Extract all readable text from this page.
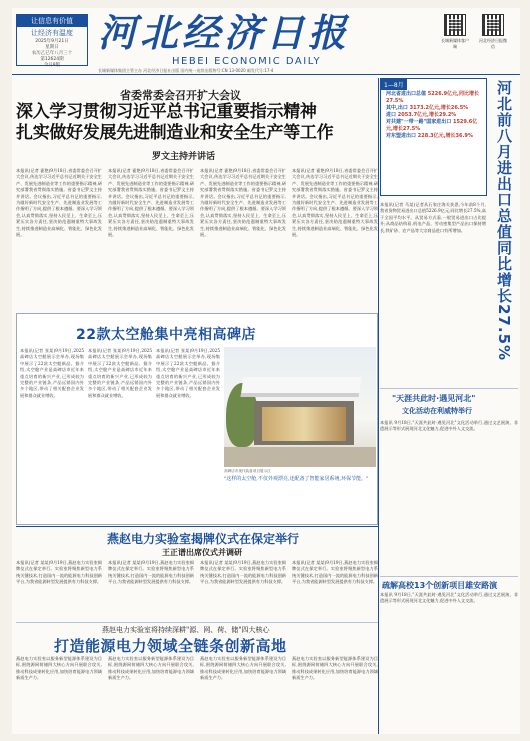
让信息有价值
让经济有温度
2025年9月21日
星期日
农历乙巳年八月三十
第12624期
今日8版
河北经济日报
HEBEI ECONOMIC DAILY
长城新媒体客户端
河北经济日报微信
长城新媒体集团主管主办 河北经济日报社出版 国内统一连续出版物号:CN 13-0020 邮发代号:17-4
省委常委会召开扩大会议
深入学习贯彻习近平总书记重要指示精神
扎实做好发展先进制造业和安全生产等工作
罗文主持并讲话
本报讯(记者 霍艳)9月18日,省委常委会召开扩大会议,传达学习习近平总书记近期关于安全生产、发展先进制造业等工作的重要指示精神,研究部署我省贯彻落实措施。省委书记罗文主持并讲话。会议指出,习近平总书记的重要指示,为做好新时代安全生产、先进制造业发展等工作指明了方向,提供了根本遵循。要深入学习领会,认真贯彻落实,坚持人民至上、生命至上,压紧压实各方责任,坚决防范遏制重特大事故发生,持续推进制造业高端化、智能化、绿色化发展。
本报讯(记者 霍艳)9月18日,省委常委会召开扩大会议,传达学习习近平总书记近期关于安全生产、发展先进制造业等工作的重要指示精神,研究部署我省贯彻落实措施。省委书记罗文主持并讲话。会议指出,习近平总书记的重要指示,为做好新时代安全生产、先进制造业发展等工作指明了方向,提供了根本遵循。要深入学习领会,认真贯彻落实,坚持人民至上、生命至上,压紧压实各方责任,坚决防范遏制重特大事故发生,持续推进制造业高端化、智能化、绿色化发展。
本报讯(记者 霍艳)9月18日,省委常委会召开扩大会议,传达学习习近平总书记近期关于安全生产、发展先进制造业等工作的重要指示精神,研究部署我省贯彻落实措施。省委书记罗文主持并讲话。会议指出,习近平总书记的重要指示,为做好新时代安全生产、先进制造业发展等工作指明了方向,提供了根本遵循。要深入学习领会,认真贯彻落实,坚持人民至上、生命至上,压紧压实各方责任,坚决防范遏制重特大事故发生,持续推进制造业高端化、智能化、绿色化发展。
本报讯(记者 霍艳)9月18日,省委常委会召开扩大会议,传达学习习近平总书记近期关于安全生产、发展先进制造业等工作的重要指示精神,研究部署我省贯彻落实措施。省委书记罗文主持并讲话。会议指出,习近平总书记的重要指示,为做好新时代安全生产、先进制造业发展等工作指明了方向,提供了根本遵循。要深入学习领会,认真贯彻落实,坚持人民至上、生命至上,压紧压实各方责任,坚决防范遏制重特大事故发生,持续推进制造业高端化、智能化、绿色化发展。
1—8月
河北省进出口总值 5226.9亿元,同比增长27.5%
其中,出口 3173.2亿元,增长26.5%
进口 2053.7亿元,增长29.2%
对共建"一带一路"国家进出口 1529.6亿元,增长27.5%
对东盟进出口 228.3亿元,增长36.9%	河北前八月进出口总值同比增长27.5%
本报讯(记者 马某)记者从石家庄海关获悉,今年前8个月,我省货物贸易进出口总值5226.9亿元,同比增长27.5%,高于全国平均水平。从贸易方式看,一般贸易进出口占比提升;从商品结构看,机电产品、劳动密集型产品出口保持增长,铁矿砂、农产品等大宗商品进口有所增加。
22款太空舱集中亮相高碑店
本报讯(记者 张某)9月19日,2025高碑店太空舱展示会举办,现场集中展示了22款太空舱新品。据介绍,太空舱产业是高碑店市近年来重点培育的新兴产业,已形成较为完整的产业链条,产品远销国内外多个地区,带动了相关配套企业发展和群众就业增收。
本报讯(记者 张某)9月19日,2025高碑店太空舱展示会举办,现场集中展示了22款太空舱新品。据介绍,太空舱产业是高碑店市近年来重点培育的新兴产业,已形成较为完整的产业链条,产品远销国内外多个地区,带动了相关配套企业发展和群众就业增收。
本报讯(记者 张某)9月19日,2025高碑店太空舱展示会举办,现场集中展示了22款太空舱新品。据介绍,太空舱产业是高碑店市近年来重点培育的新兴产业,已形成较为完整的产业链条,产品远销国内外多个地区,带动了相关配套企业发展和群众就业增收。
高碑店市现代装备项目展示区
"这样的太空舱,不仅外观漂亮,还配备了智能家居系统,环保节能。"
"天涯共此时·遇见河北"
文化活动在利威特举行
本报讯 9月18日,"天涯共此时·遇见河北"文化活动举行,通过文艺展演、非遗展示等形式展现河北文化魅力,促进中外人文交流。
燕赵电力实验室揭牌仪式在保定举行
王正谱出席仪式并调研
本报讯(记者 某某)9月19日,燕赵电力实验室揭牌仪式在保定举行。实验室将聚焦新型电力系统关键技术,打造国内一流的能源电力科技创新平台,为我省能源转型发展提供有力科技支撑。
本报讯(记者 某某)9月19日,燕赵电力实验室揭牌仪式在保定举行。实验室将聚焦新型电力系统关键技术,打造国内一流的能源电力科技创新平台,为我省能源转型发展提供有力科技支撑。
本报讯(记者 某某)9月19日,燕赵电力实验室揭牌仪式在保定举行。实验室将聚焦新型电力系统关键技术,打造国内一流的能源电力科技创新平台,为我省能源转型发展提供有力科技支撑。
本报讯(记者 某某)9月19日,燕赵电力实验室揭牌仪式在保定举行。实验室将聚焦新型电力系统关键技术,打造国内一流的能源电力科技创新平台,为我省能源转型发展提供有力科技支撑。 疏解高校13个创新项目雄安路演
本报讯 9月18日,"天涯共此时·遇见河北"文化活动举行,通过文艺展演、非遗展示等形式展现河北文化魅力,促进中外人文交流。
燕赵电力实验室将持续深耕"源、网、荷、储"四大核心
打造能源电力领域全链条创新高地
燕赵电力实验室以服务新型能源体系建设为目标,围绕源网荷储四大核心方向开展联合攻关,推动科技成果转化应用,加快培育能源电力领域新质生产力。
燕赵电力实验室以服务新型能源体系建设为目标,围绕源网荷储四大核心方向开展联合攻关,推动科技成果转化应用,加快培育能源电力领域新质生产力。
燕赵电力实验室以服务新型能源体系建设为目标,围绕源网荷储四大核心方向开展联合攻关,推动科技成果转化应用,加快培育能源电力领域新质生产力。
燕赵电力实验室以服务新型能源体系建设为目标,围绕源网荷储四大核心方向开展联合攻关,推动科技成果转化应用,加快培育能源电力领域新质生产力。
